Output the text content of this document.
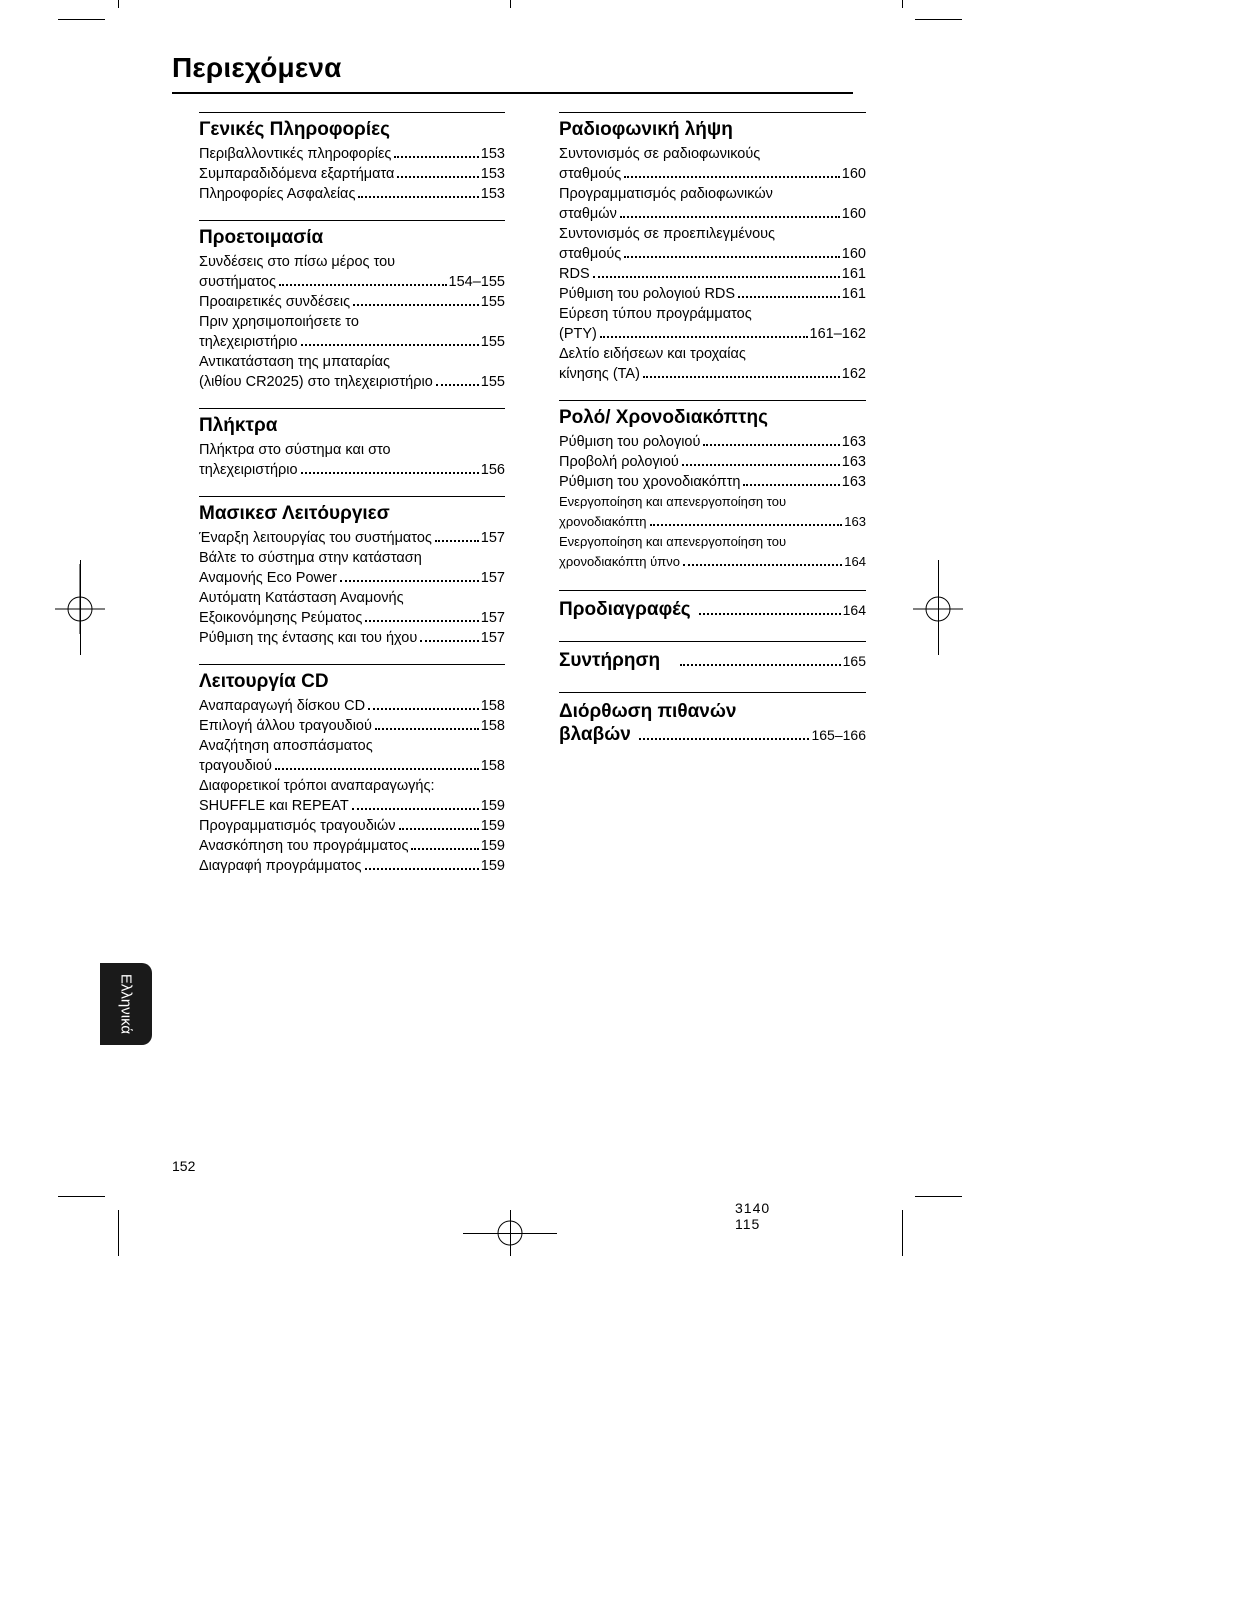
Περιεχόμενα
Γενικές Πληροφορίες
Περιβαλλοντικές πληροφορίες	153
Συμπαραδιδόμενα εξαρτήματα	153
Πληροφορίες Ασφαλείας	153
Προετοιμασία
Συνδέσεις στο πίσω μέρος του
συστήματος	154–155
Προαιρετικές συνδέσεις	155
Πριν χρησιμοποιήσετε το
τηλεχειριστήριο	155
Αντικατάσταση της μπαταρίας
(λιθίου CR2025) στο τηλεχειριστήριο	155
Πλήκτρα
Πλήκτρα στο σύστημα και στο
τηλεχειριστήριο	156
Μασικεσ Λειτόυργιεσ
Έναρξη λειτουργίας του συστήματος	157
Βάλτε το σύστημα στην κατάσταση
Αναμονής Eco Power	157
Αυτόματη Κατάσταση Αναμονής
Εξοικονόμησης Ρεύματος	157
Ρύθμιση της έντασης και του ήχου	157
Λειτουργία CD
Αναπαραγωγή δίσκου CD	158
Επιλογή άλλου τραγουδιού	158
Αναζήτηση αποσπάσματος
τραγουδιού	158
Διαφορετικοί τρόποι αναπαραγωγής:
SHUFFLE και REPEAT	159
Προγραμματισμός τραγουδιών	159
Ανασκόπηση του προγράμματος	159
Διαγραφή προγράμματος	159
Ραδιοφωνική λήψη
Συντονισμός σε ραδιοφωνικούς
σταθμούς	160
Προγραμματισμός ραδιοφωνικών
σταθμών	160
Συντονισμός σε προεπιλεγμένους
σταθμούς	160
RDS	161
Ρύθμιση του ρολογιού RDS	161
Εύρεση τύπου προγράμματος
(PTY)	161–162
Δελτίο ειδήσεων και τροχαίας
κίνησης (TA)	162
Ρολό/ Χρονοδιακόπτης
Ρύθμιση του ρολογιού	163
Προβολή ρολογιού	163
Ρύθμιση του χρονοδιακόπτη	163
Ενεργοποίηση και απενεργοποίηση του
χρονοδιακόπτη	163
Ενεργοποίηση και απενεργοποίηση του
χρονοδιακόπτη ύπνο	164
Προδιαγραφές	164
Συντήρηση	165
Διόρθωση πιθανών
βλαβών	165–166
Ελληνικά
152
3140 115
